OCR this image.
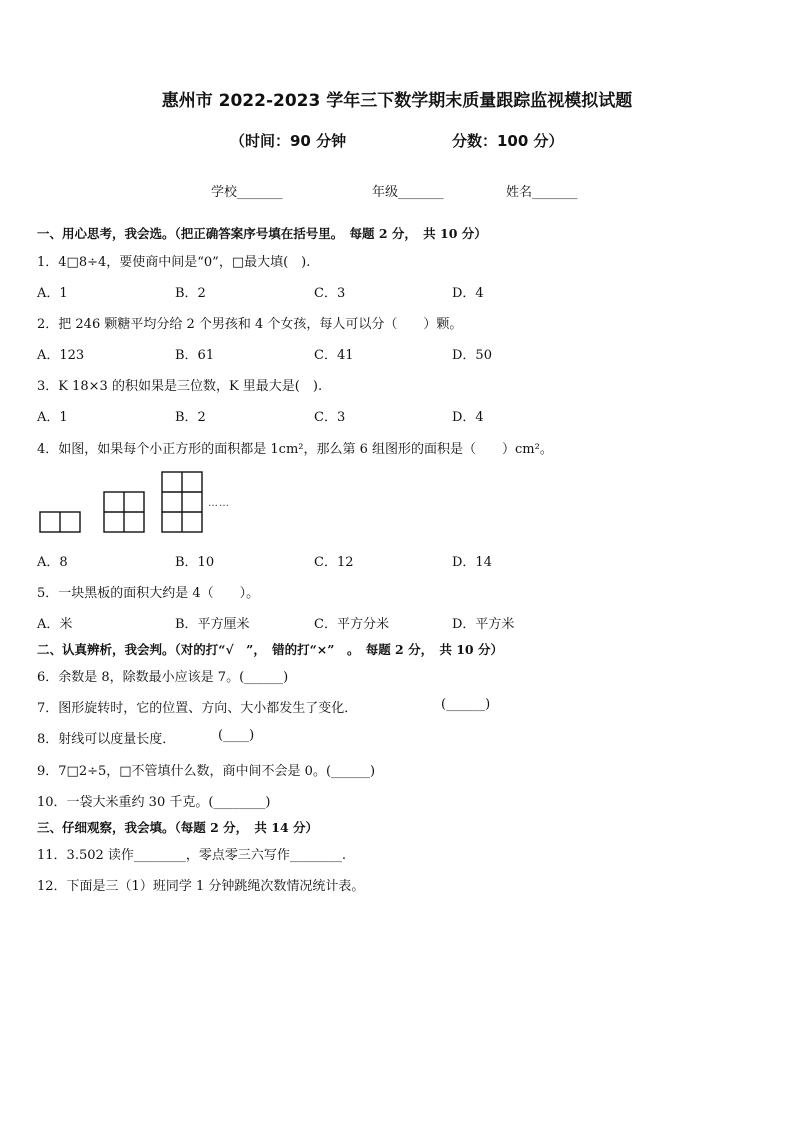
惠州市 2022-2023 学年三下数学期末质量跟踪监视模拟试题
（时间：90 分钟	分数：100 分）
学校_______	年级_______	姓名_______
一、用心思考，我会选。（把正确答案序号填在括号里。　每题 2 分，　共 10 分）
1．4□8÷4，要使商中间是“0”，□最大填(　).
A．1	B．2	C．3	D．4
2．把 246 颗糖平均分给 2 个男孩和 4 个女孩，每人可以分（　　）颗。
A．123	B．61	C．41	D．50
3．K 18×3 的积如果是三位数，K 里最大是(　).
A．1	B．2	C．3	D．4
4．如图，如果每个小正方形的面积都是 1cm²，那么第 6 组图形的面积是（　　）cm²。
……
A．8	B．10	C．12	D．14
5．一块黑板的面积大约是 4（　　）。
A．米	B．平方厘米	C．平方分米	D．平方米
二、认真辨析，我会判。（对的打“√　”，　错的打“×”　。　每题 2 分，　共 10 分）
6．余数是 8，除数最小应该是 7。(______)
7．图形旋转时，它的位置、方向、大小都发生了变化．	(______)
8．射线可以度量长度．	(____)
9．7□2÷5，□不管填什么数，商中间不会是 0。(______)
10．一袋大米重约 30 千克。(________)
三、仔细观察，我会填。（每题 2 分，　共 14 分）
11．3.502 读作________，零点零三六写作________.
12．下面是三（1）班同学 1 分钟跳绳次数情况统计表。
